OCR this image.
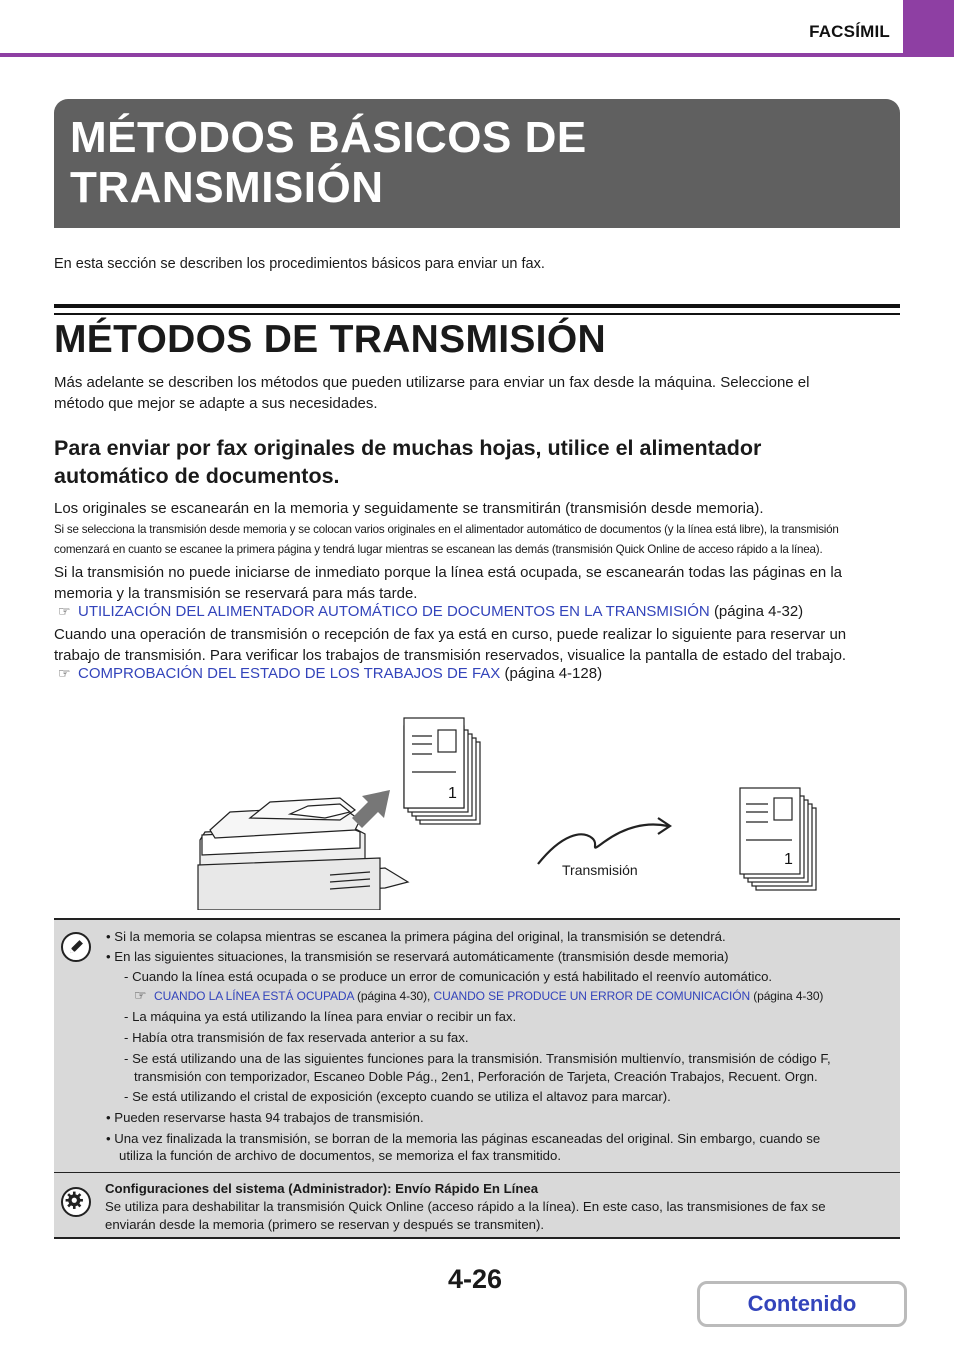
FACSÍMIL
MÉTODOS BÁSICOS DE
TRANSMISIÓN
En esta sección se describen los procedimientos básicos para enviar un fax.
MÉTODOS DE TRANSMISIÓN
Más adelante se describen los métodos que pueden utilizarse para enviar un fax desde la máquina. Seleccione el
método que mejor se adapte a sus necesidades.
Para enviar por fax originales de muchas hojas, utilice el alimentador
automático de documentos.
Los originales se escanearán en la memoria y seguidamente se transmitirán (transmisión desde memoria).
Si se selecciona la transmisión desde memoria y se colocan varios originales en el alimentador automático de documentos (y la línea está libre), la transmisión
comenzará en cuanto se escanee la primera página y tendrá lugar mientras se escanean las demás (transmisión Quick Online de acceso rápido a la línea).
Si la transmisión no puede iniciarse de inmediato porque la línea está ocupada, se escanearán todas las páginas en la
memoria y la transmisión se reservará para más tarde.
☞ UTILIZACIÓN DEL ALIMENTADOR AUTOMÁTICO DE DOCUMENTOS EN LA TRANSMISIÓN (página 4-32)
Cuando una operación de transmisión o recepción de fax ya está en curso, puede realizar lo siguiente para reservar un
trabajo de transmisión. Para verificar los trabajos de transmisión reservados, visualice la pantalla de estado del trabajo.
☞ COMPROBACIÓN DEL ESTADO DE LOS TRABAJOS DE FAX (página 4-128)
1
1
Transmisión
• Si la memoria se colapsa mientras se escanea la primera página del original, la transmisión se detendrá.
• En las siguientes situaciones, la transmisión se reservará automáticamente (transmisión desde memoria)
- Cuando la línea está ocupada o se produce un error de comunicación y está habilitado el reenvío automático.
☞ CUANDO LA LÍNEA ESTÁ OCUPADA (página 4-30), CUANDO SE PRODUCE UN ERROR DE COMUNICACIÓN (página 4-30)
- La máquina ya está utilizando la línea para enviar o recibir un fax.
- Había otra transmisión de fax reservada anterior a su fax.
- Se está utilizando una de las siguientes funciones para la transmisión. Transmisión multienvío, transmisión de código F,
transmisión con temporizador, Escaneo Doble Pág., 2en1, Perforación de Tarjeta, Creación Trabajos, Recuent. Orgn.
- Se está utilizando el cristal de exposición (excepto cuando se utiliza el altavoz para marcar).
• Pueden reservarse hasta 94 trabajos de transmisión.
• Una vez finalizada la transmisión, se borran de la memoria las páginas escaneadas del original. Sin embargo, cuando se
utiliza la función de archivo de documentos, se memoriza el fax transmitido.
Configuraciones del sistema (Administrador): Envío Rápido En Línea
Se utiliza para deshabilitar la transmisión Quick Online (acceso rápido a la línea). En este caso, las transmisiones de fax se
enviarán desde la memoria (primero se reservan y después se transmiten).
4-26
Contenido
